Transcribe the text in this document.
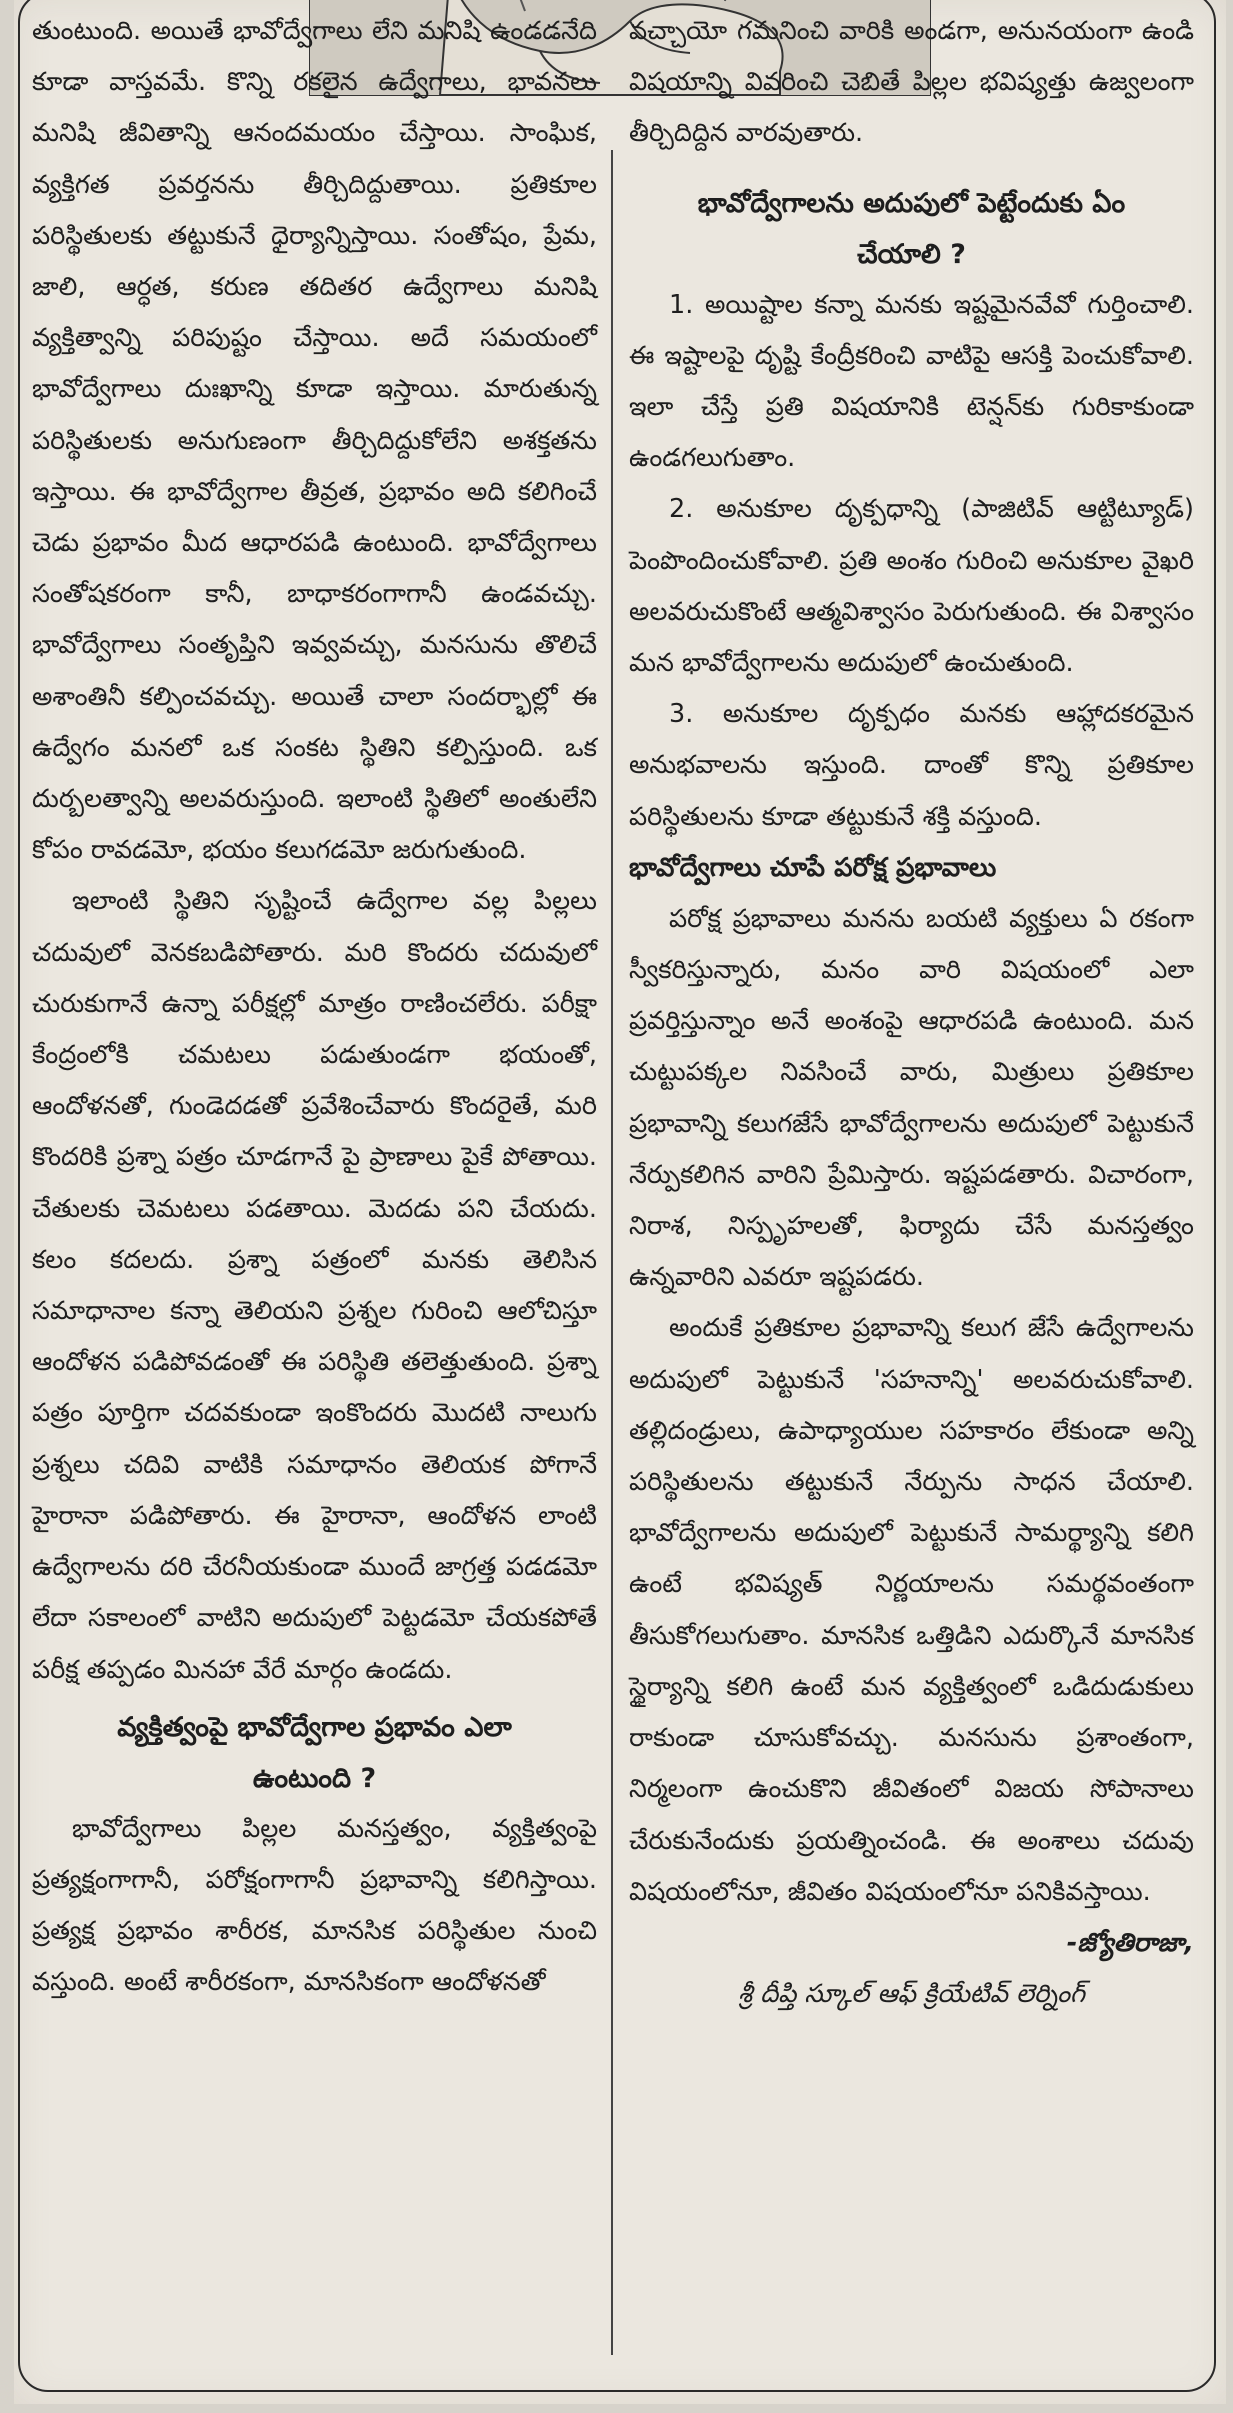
తుంటుంది. అయితే భావోద్వేగాలు లేని మనిషి ఉండడనేది కూడా వాస్తవమే. కొన్ని రకలైన ఉద్వేగాలు, భావనలు మనిషి జీవితాన్ని ఆనందమయం చేస్తాయి. సాంఘిక, వ్యక్తిగత ప్రవర్తనను తీర్చిదిద్దుతాయి. ప్రతికూల పరిస్థితులకు తట్టుకునే ధైర్యాన్నిస్తాయి. సంతోషం, ప్రేమ, జాలి, ఆర్ధత, కరుణ తదితర ఉద్వేగాలు మనిషి వ్యక్తిత్వాన్ని పరిపుష్టం చేస్తాయి. అదే సమయంలో భావోద్వేగాలు దుఃఖాన్ని కూడా ఇస్తాయి. మారుతున్న పరిస్థితులకు అనుగుణంగా తీర్చిదిద్దుకోలేని అశక్తతను ఇస్తాయి. ఈ భావోద్వేగాల తీవ్రత, ప్రభావం అది కలిగించే చెడు ప్రభావం మీద ఆధారపడి ఉంటుంది. భావోద్వేగాలు సంతోషకరంగా కానీ, బాధాకరంగాగానీ ఉండవచ్చు. భావోద్వేగాలు సంతృప్తిని ఇవ్వవచ్చు, మనసును తొలిచే అశాంతినీ కల్పించవచ్చు. అయితే చాలా సందర్భాల్లో ఈ ఉద్వేగం మనలో ఒక సంకట స్థితిని కల్పిస్తుంది. ఒక దుర్బలత్వాన్ని అలవరుస్తుంది. ఇలాంటి స్థితిలో అంతులేని కోపం రావడమో, భయం కలుగడమో జరుగుతుంది.

ఇలాంటి స్థితిని సృష్టించే ఉద్వేగాల వల్ల పిల్లలు చదువులో వెనకబడిపోతారు. మరి కొందరు చదువులో చురుకుగానే ఉన్నా పరీక్షల్లో మాత్రం రాణించలేరు. పరీక్షా కేంద్రంలోకి చమటలు పడుతుండగా భయంతో, ఆందోళనతో, గుండెదడతో ప్రవేశించేవారు కొందరైతే, మరి కొందరికి ప్రశ్నా పత్రం చూడగానే పై ప్రాణాలు పైకే పోతాయి. చేతులకు చెమటలు పడతాయి. మెదడు పని చేయదు. కలం కదలదు. ప్రశ్నా పత్రంలో మనకు తెలిసిన సమాధానాల కన్నా తెలియని ప్రశ్నల గురించి ఆలోచిస్తూ ఆందోళన పడిపోవడంతో ఈ పరిస్థితి తలెత్తుతుంది. ప్రశ్నా పత్రం పూర్తిగా చదవకుండా ఇంకొందరు మొదటి నాలుగు ప్రశ్నలు చదివి వాటికి సమాధానం తెలియక పోగానే హైరానా పడిపోతారు. ఈ హైరానా, ఆందోళన లాంటి ఉద్వేగాలను దరి చేరనీయకుండా ముందే జాగ్రత్త పడడమో లేదా సకాలంలో వాటిని అదుపులో పెట్టడమో చేయకపోతే పరీక్ష తప్పడం మినహా వేరే మార్గం ఉండదు.

వ్యక్తిత్వంపై భావోద్వేగాల ప్రభావం ఎలా ఉంటుంది ?

భావోద్వేగాలు పిల్లల మనస్తత్వం, వ్యక్తిత్వంపై ప్రత్యక్షంగాగానీ, పరోక్షంగాగానీ ప్రభావాన్ని కలిగిస్తాయి. ప్రత్యక్ష ప్రభావం శారీరక, మానసిక పరిస్థితుల నుంచి వస్తుంది. అంటే శారీరకంగా, మానసికంగా ఆందోళనతో

వచ్చాయో గమనించి వారికి అండగా, అనునయంగా ఉండి విషయాన్ని వివరించి చెబితే పిల్లల భవిష్యత్తు ఉజ్వలంగా తీర్చిదిద్దిన వారవుతారు.

భావోద్వేగాలను అదుపులో పెట్టేందుకు ఏం చేయాలి ?

1. అయిష్టాల కన్నా మనకు ఇష్టమైనవేవో గుర్తించాలి. ఈ ఇష్టాలపై దృష్టి కేంద్రీకరించి వాటిపై ఆసక్తి పెంచుకోవాలి. ఇలా చేస్తే ప్రతి విషయానికి టెన్షన్‌కు గురికాకుండా ఉండగలుగుతాం.

2. అనుకూల దృక్పధాన్ని (పాజిటివ్ ఆట్టిట్యూడ్) పెంపొందించుకోవాలి. ప్రతి అంశం గురించి అనుకూల వైఖరి అలవరుచుకొంటే ఆత్మవిశ్వాసం పెరుగుతుంది. ఈ విశ్వాసం మన భావోద్వేగాలను అదుపులో ఉంచుతుంది.

3. అనుకూల దృక్పధం మనకు ఆహ్లాదకరమైన అనుభవాలను ఇస్తుంది. దాంతో కొన్ని ప్రతికూల పరిస్థితులను కూడా తట్టుకునే శక్తి వస్తుంది.

భావోద్వేగాలు చూపే పరోక్ష ప్రభావాలు

పరోక్ష ప్రభావాలు మనను బయటి వ్యక్తులు ఏ రకంగా స్వీకరిస్తున్నారు, మనం వారి విషయంలో ఎలా ప్రవర్తిస్తున్నాం అనే అంశంపై ఆధారపడి ఉంటుంది. మన చుట్టుపక్కల నివసించే వారు, మిత్రులు ప్రతికూల ప్రభావాన్ని కలుగజేసే భావోద్వేగాలను అదుపులో పెట్టుకునే నేర్పుకలిగిన వారిని ప్రేమిస్తారు. ఇష్టపడతారు. విచారంగా, నిరాశ, నిస్పృహలతో, ఫిర్యాదు చేసే మనస్తత్వం ఉన్నవారిని ఎవరూ ఇష్టపడరు.

అందుకే ప్రతికూల ప్రభావాన్ని కలుగ జేసే ఉద్వేగాలను అదుపులో పెట్టుకునే 'సహనాన్ని' అలవరుచుకోవాలి. తల్లిదండ్రులు, ఉపాధ్యాయుల సహకారం లేకుండా అన్ని పరిస్థితులను తట్టుకునే నేర్పును సాధన చేయాలి. భావోద్వేగాలను అదుపులో పెట్టుకునే సామర్థ్యాన్ని కలిగి ఉంటే భవిష్యత్ నిర్ణయాలను సమర్థవంతంగా తీసుకోగలుగుతాం. మానసిక ఒత్తిడిని ఎదుర్కొనే మానసిక స్థైర్యాన్ని కలిగి ఉంటే మన వ్యక్తిత్వంలో ఒడిదుడుకులు రాకుండా చూసుకోవచ్చు. మనసును ప్రశాంతంగా, నిర్మలంగా ఉంచుకొని జీవితంలో విజయ సోపానాలు చేరుకునేందుకు ప్రయత్నించండి. ఈ అంశాలు చదువు విషయంలోనూ, జీవితం విషయంలోనూ పనికివస్తాయి.

-జ్యోతిరాజా,

శ్రీ దీప్తి స్కూల్ ఆఫ్ క్రియేటివ్ లెర్నింగ్
